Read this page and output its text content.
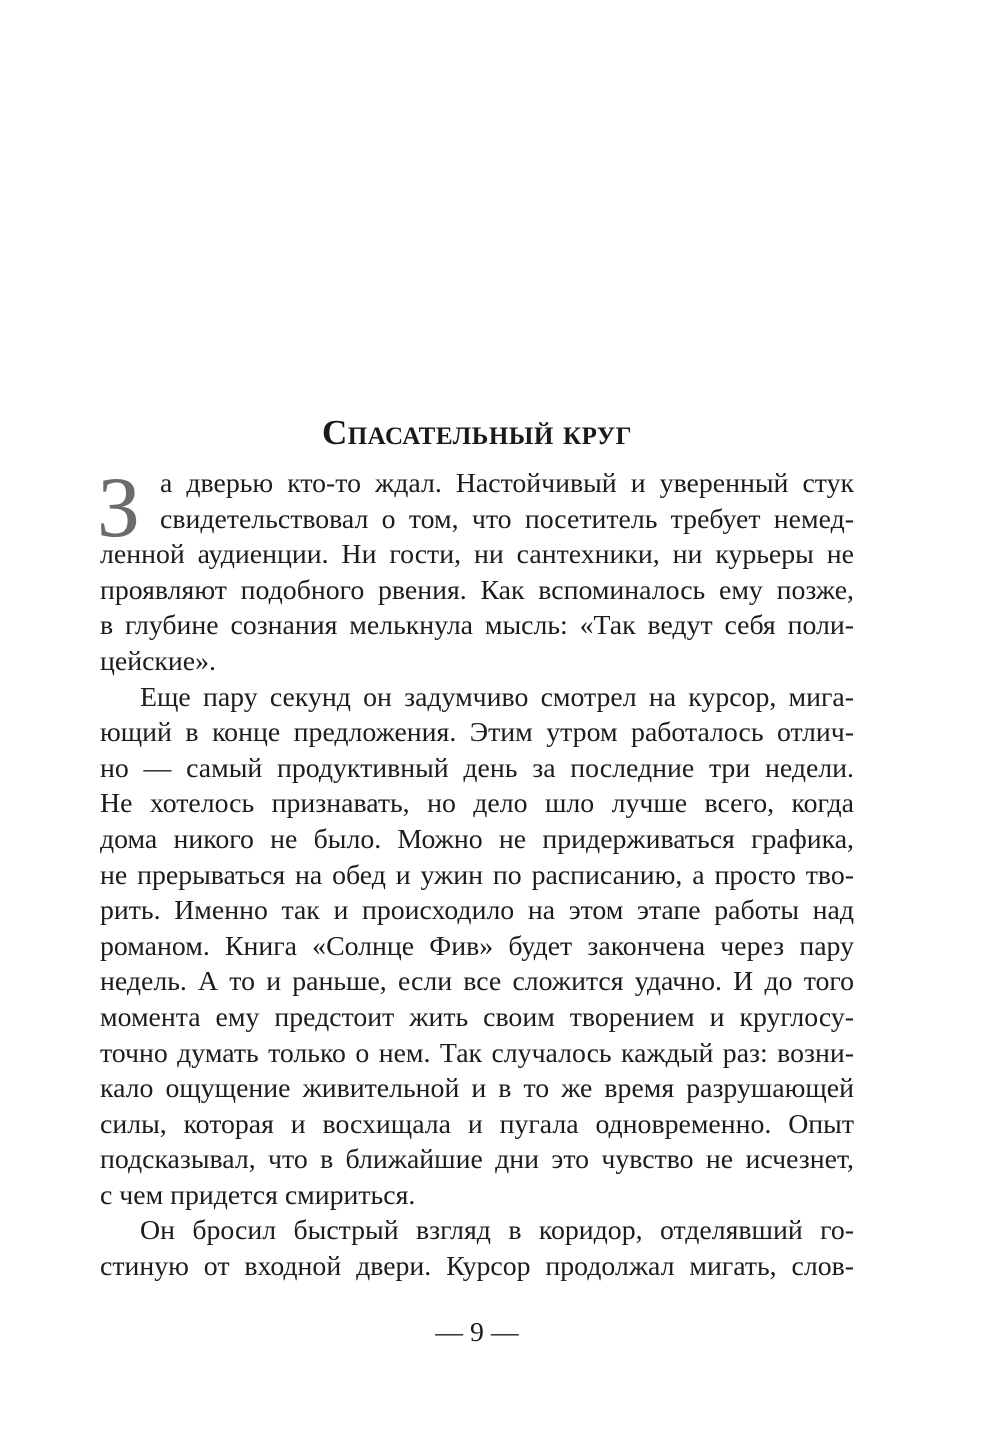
Спасательный круг
З а дверью кто-то ждал. Настойчивый и уверенный стук
свидетельствовал о том, что посетитель требует немед-
ленной аудиенции. Ни гости, ни сантехники, ни курьеры не
проявляют подобного рвения. Как вспоминалось ему позже,
в глубине сознания мелькнула мысль: «Так ведут себя поли-
цейские».
Еще пару секунд он задумчиво смотрел на курсор, мига-
ющий в конце предложения. Этим утром работалось отлич-
но — самый продуктивный день за последние три недели.
Не хотелось признавать, но дело шло лучше всего, когда
дома никого не было. Можно не придерживаться графика,
не прерываться на обед и ужин по расписанию, а просто тво-
рить. Именно так и происходило на этом этапе работы над
романом. Книга «Солнце Фив» будет закончена через пару
недель. А то и раньше, если все сложится удачно. И до того
момента ему предстоит жить своим творением и круглосу-
точно думать только о нем. Так случалось каждый раз: возни-
кало ощущение живительной и в то же время разрушающей
силы, которая и восхищала и пугала одновременно. Опыт
подсказывал, что в ближайшие дни это чувство не исчезнет,
с чем придется смириться.
Он бросил быстрый взгляд в коридор, отделявший го-
стиную от входной двери. Курсор продолжал мигать, слов-
— 9 —
